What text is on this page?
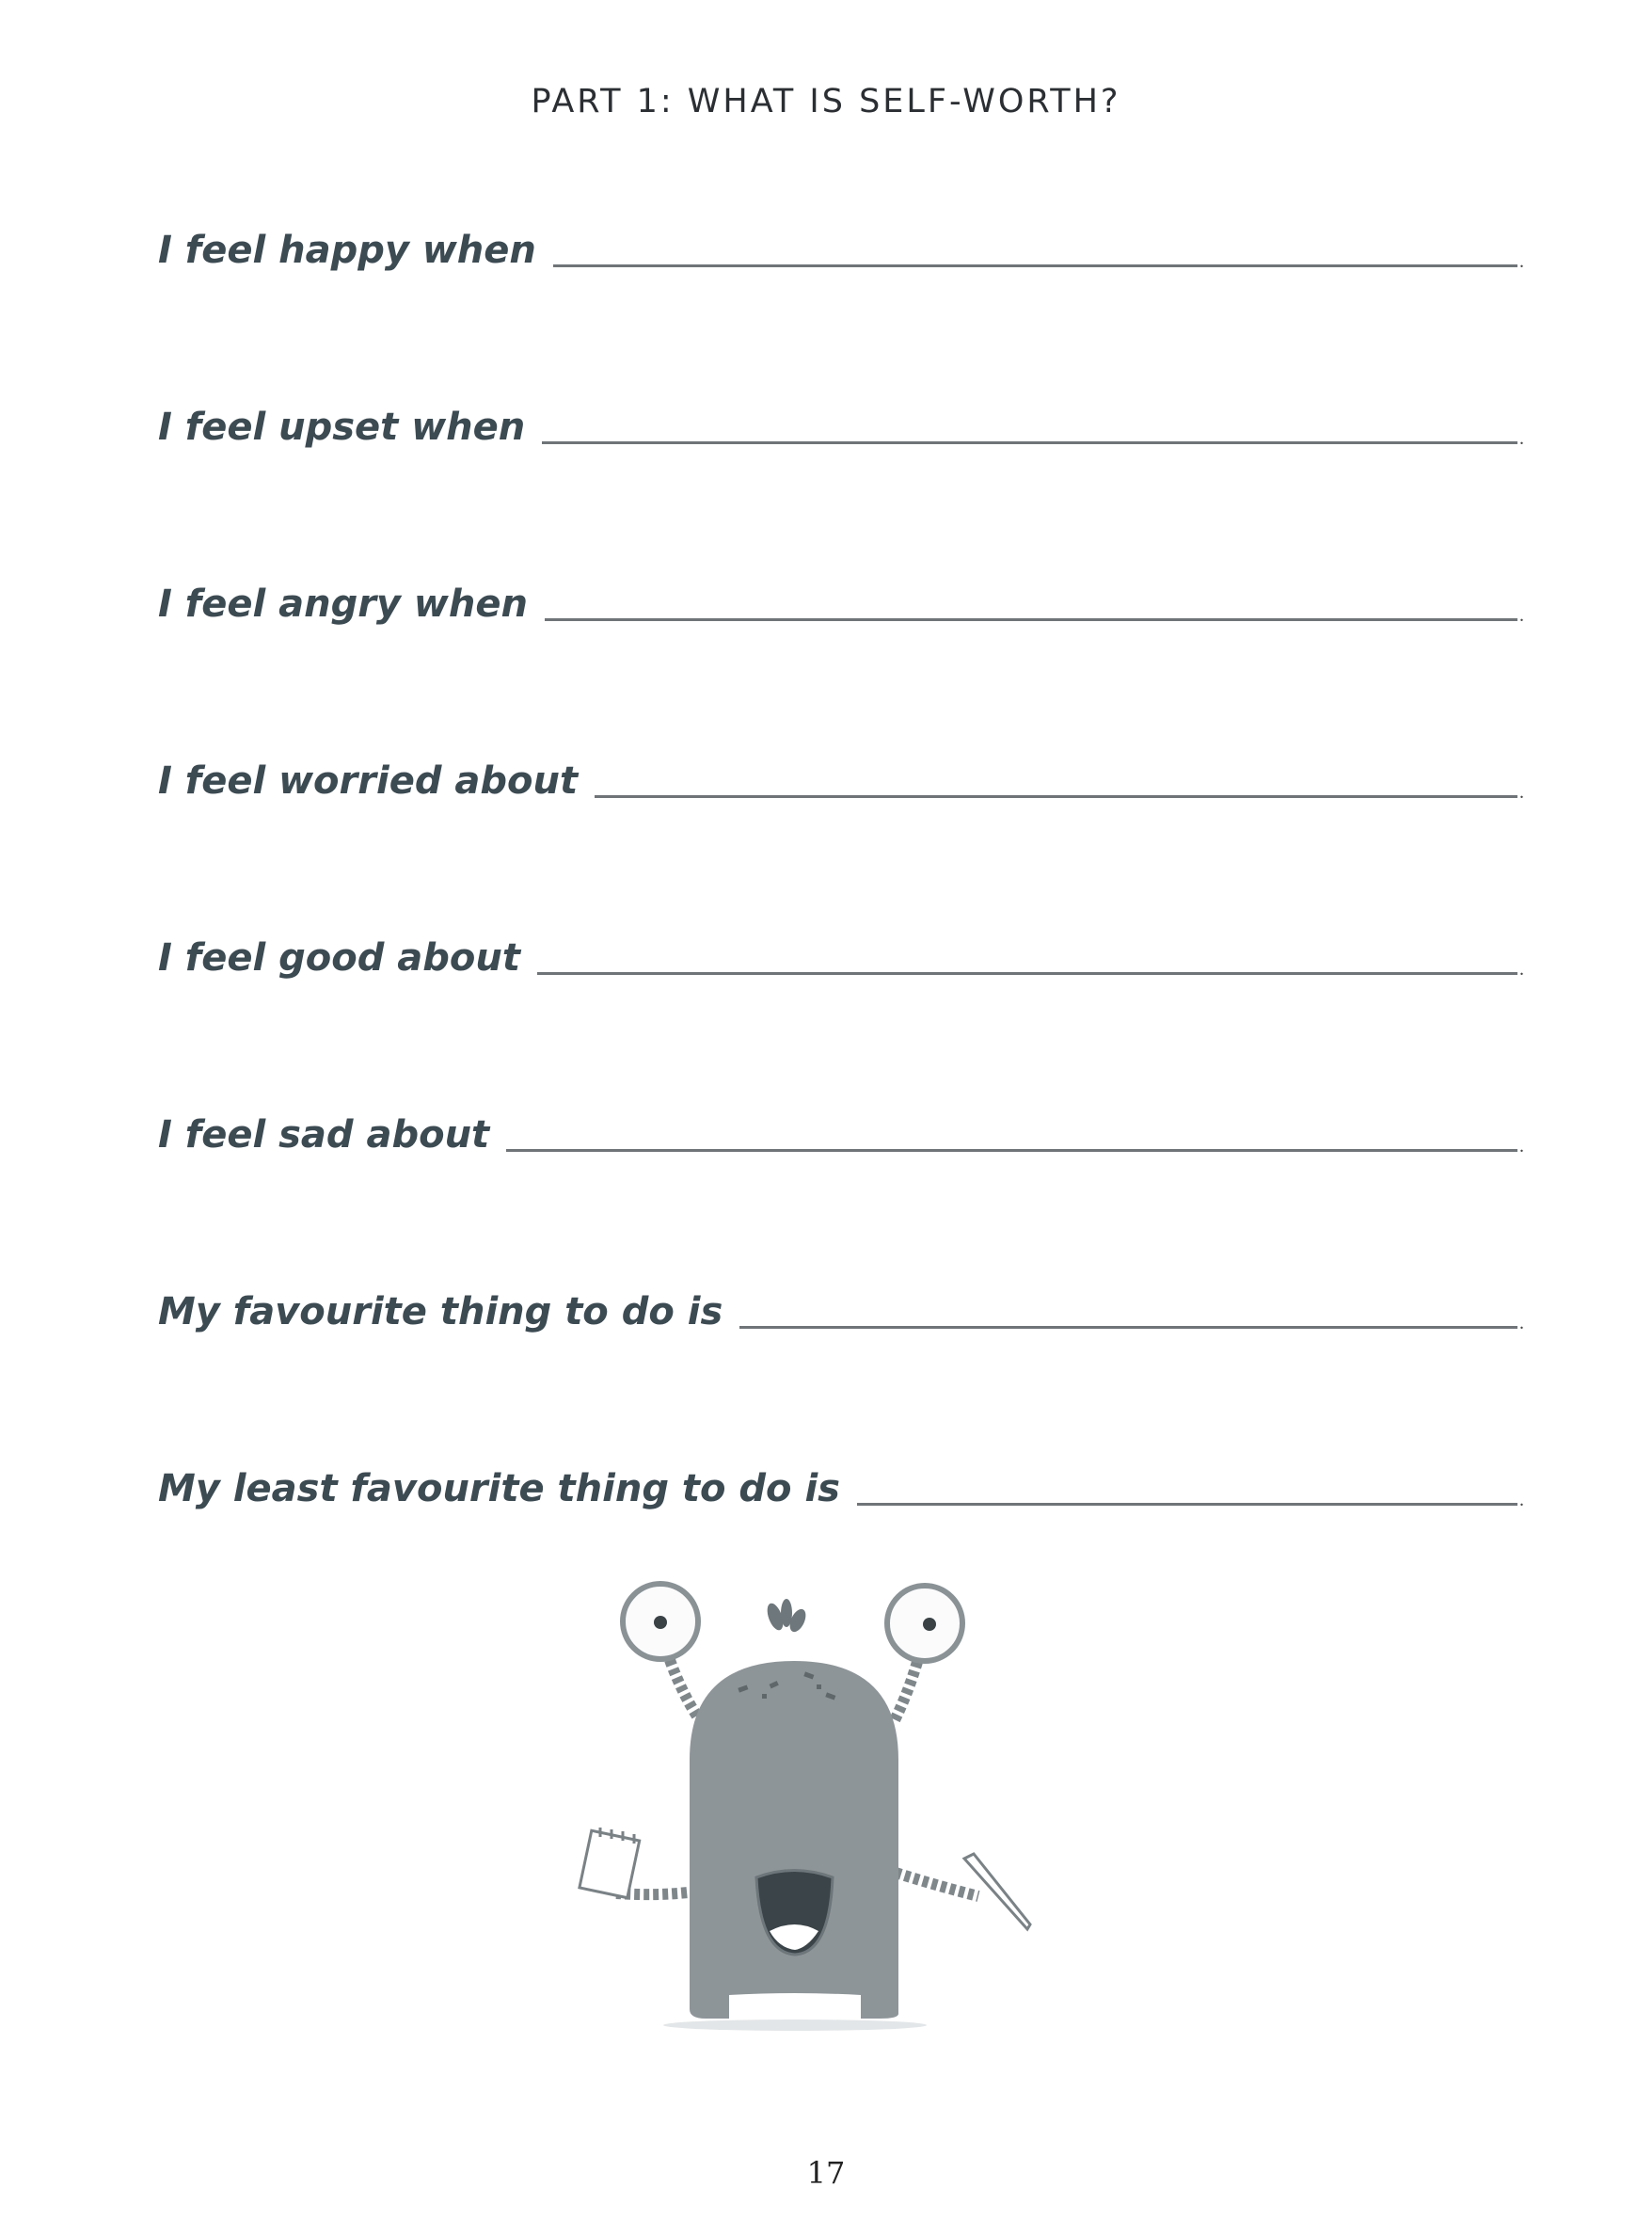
PART 1: WHAT IS SELF-WORTH?
I feel happy when	.
I feel upset when	.
I feel angry when	.
I feel worried about	.
I feel good about	.
I feel sad about	.
My favourite thing to do is	.
My least favourite thing to do is	.
17
